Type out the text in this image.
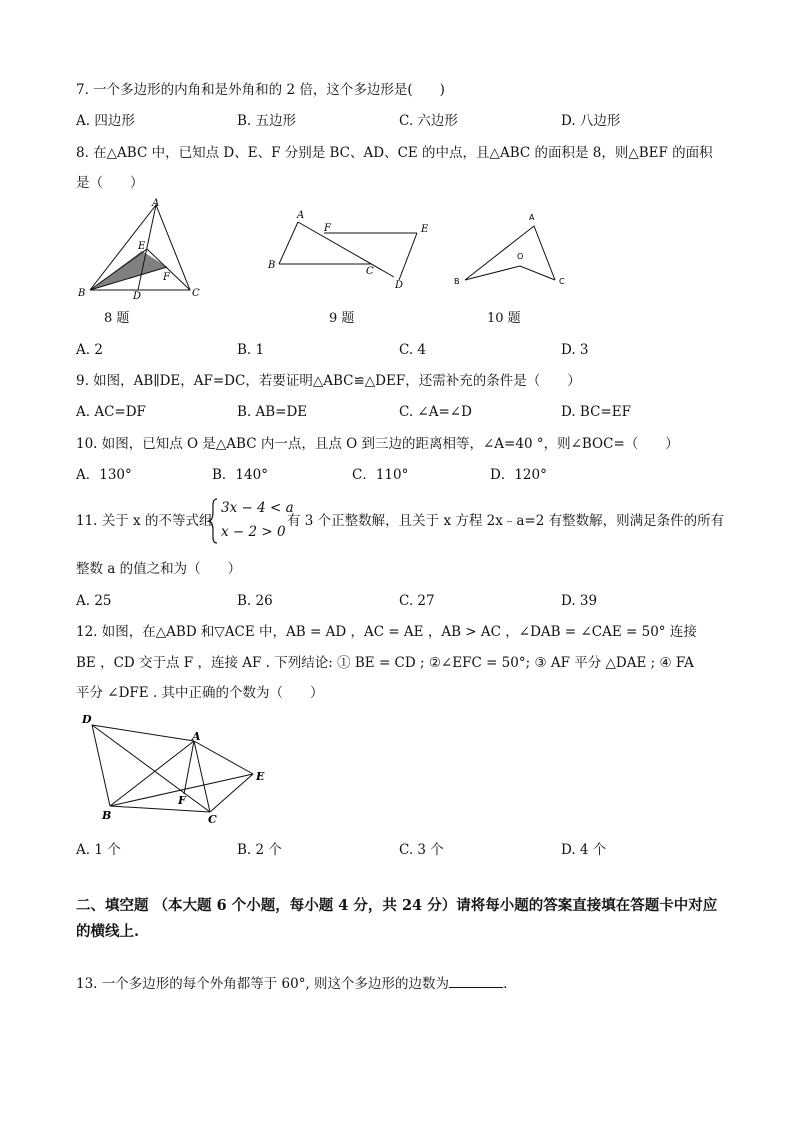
7. 一个多边形的内角和是外角和的 2 倍，这个多边形是(　　)
A. 四边形	B. 五边形	C. 六边形	D. 八边形
8. 在△ABC 中，已知点 D、E、F 分别是 BC、AD、CE 的中点，且△ABC 的面积是 8，则△BEF 的面积
是（　　）
A
B	C
D
E
F
A
B
C
D
E
F
A
B	C
O
8 题	9 题	10 题
A. 2	B. 1	C. 4	D. 3
9. 如图，AB∥DE，AF=DC，若要证明△ABC≌△DEF，还需补充的条件是（　　）
A. AC=DF	B. AB=DE	C. ∠A=∠D	D. BC=EF
10. 如图，已知点 O 是△ABC 内一点，且点 O 到三边的距离相等，∠A=40 °，则∠BOC=（　　）
A．130°	B．140°	C．110°	D．120°
11. 关于 x 的不等式组
3x − 4 < a
x − 2 > 0
有 3 个正整数解，且关于 x 方程 2x﹣a=2 有整数解，则满足条件的所有
整数 a 的值之和为（　　）
A. 25	B. 26	C. 27	D. 39
12. 如图，在△ABD 和▽ACE 中，AB = AD ，AC = AE ，AB > AC ，∠DAB = ∠CAE = 50° 连接
BE ，CD 交于点 F ，连接 AF . 下列结论: ① BE = CD ; ②∠EFC = 50°; ③ AF 平分 △DAE ; ④ FA
平分 ∠DFE . 其中正确的个数为（　　）
A
B	C
D
E
F
A. 1 个	B. 2 个	C. 3 个	D. 4 个
二、填空题 （本大题 6 个小题，每小题 4 分，共 24 分）请将每小题的答案直接填在答题卡中对应的横线上.
13. 一个多边形的每个外角都等于 60°, 则这个多边形的边数为	.
